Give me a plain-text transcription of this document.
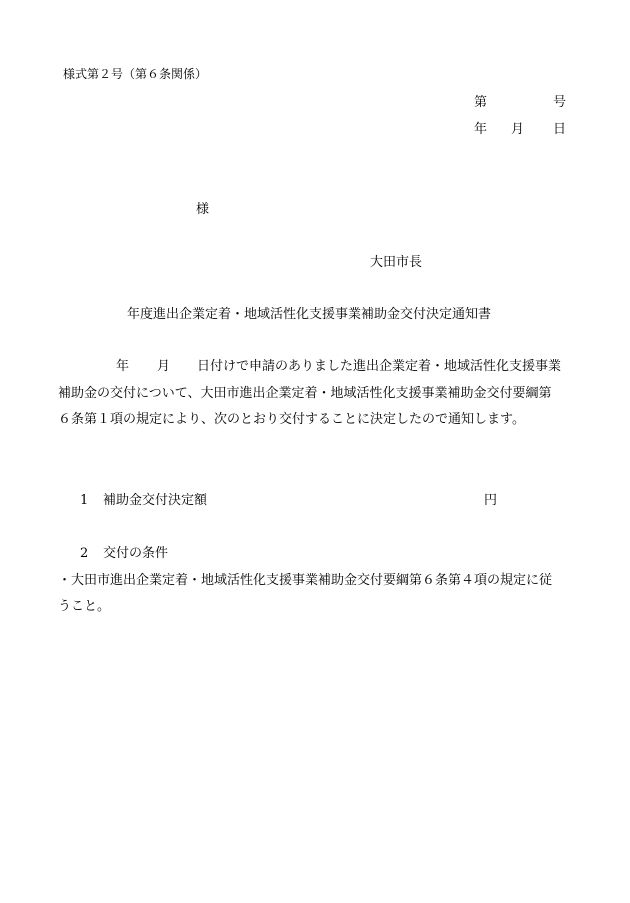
様式第２号（第６条関係）
第	号
年 月 日
様
大田市長
年度進出企業定着・地域活性化支援事業補助金交付決定通知書
年 月 日付けで申請のありました進出企業定着・地域活性化支援事業
補助金の交付について、大田市進出企業定着・地域活性化支援事業補助金交付要綱第
６条第１項の規定により、次のとおり交付することに決定したので通知します。
1 補助金交付決定額	円
2 交付の条件
・大田市進出企業定着・地域活性化支援事業補助金交付要綱第６条第４項の規定に従
うこと。
